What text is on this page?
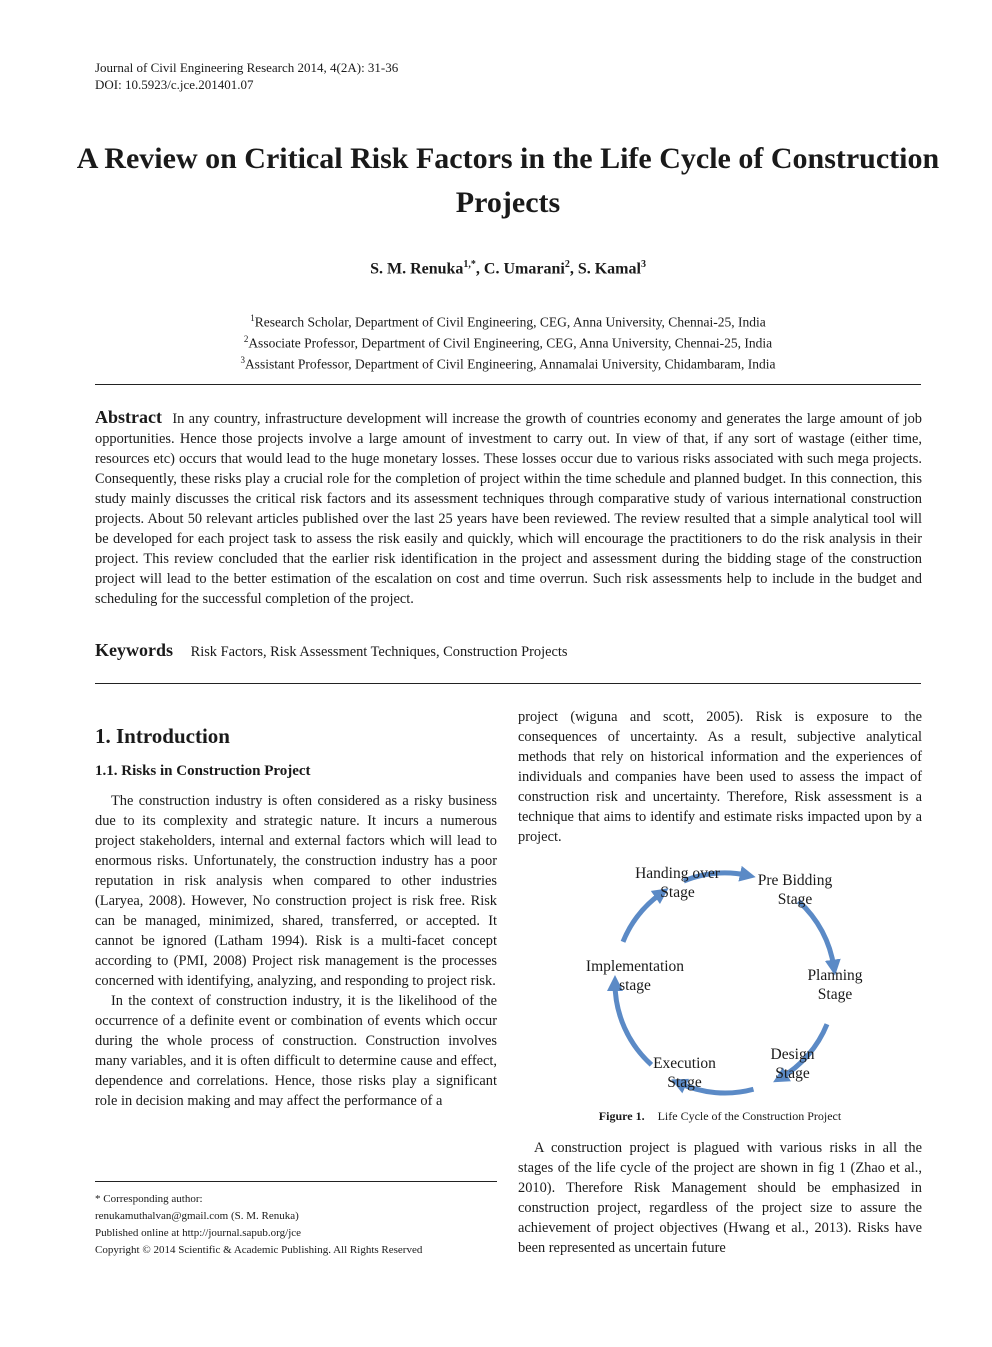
Journal of Civil Engineering Research 2014, 4(2A): 31-36
DOI: 10.5923/c.jce.201401.07
A Review on Critical Risk Factors in the Life Cycle of Construction Projects
S. M. Renuka$^{1,*}$, C. Umarani$^2$, S. Kamal$^3$
$^1$Research Scholar, Department of Civil Engineering, CEG, Anna University, Chennai-25, India
$^2$Associate Professor, Department of Civil Engineering, CEG, Anna University, Chennai-25, India
$^3$Assistant Professor, Department of Civil Engineering, Annamalai University, Chidambaram, India
Abstract In any country, infrastructure development will increase the growth of countries economy and generates the large amount of job opportunities. Hence those projects involve a large amount of investment to carry out. In view of that, if any sort of wastage (either time, resources etc) occurs that would lead to the huge monetary losses. These losses occur due to various risks associated with such mega projects. Consequently, these risks play a crucial role for the completion of project within the time schedule and planned budget. In this connection, this study mainly discusses the critical risk factors and its assessment techniques through comparative study of various international construction projects. About 50 relevant articles published over the last 25 years have been reviewed. The review resulted that a simple analytical tool will be developed for each project task to assess the risk easily and quickly, which will encourage the practitioners to do the risk analysis in their project. This review concluded that the earlier risk identification in the project and assessment during the bidding stage of the construction project will lead to the better estimation of the escalation on cost and time overrun. Such risk assessments help to include in the budget and scheduling for the successful completion of the project.
Keywords Risk Factors, Risk Assessment Techniques, Construction Projects
1. Introduction
1.1. Risks in Construction Project

The construction industry is often considered as a risky business due to its complexity and strategic nature. It incurs a numerous project stakeholders, internal and external factors which will lead to enormous risks. Unfortunately, the construction industry has a poor reputation in risk analysis when compared to other industries (Laryea, 2008). However, No construction project is risk free. Risk can be managed, minimized, shared, transferred, or accepted. It cannot be ignored (Latham 1994). Risk is a multi-facet concept according to (PMI, 2008) Project risk management is the processes concerned with identifying, analyzing, and responding to project risk.

In the context of construction industry, it is the likelihood of the occurrence of a definite event or combination of events which occur during the whole process of construction. Construction involves many variables, and it is often difficult to determine cause and effect, dependence and correlations. Hence, those risks play a significant role in decision making and may affect the performance of a

project (wiguna and scott, 2005). Risk is exposure to the consequences of uncertainty. As a result, subjective analytical methods that rely on historical information and the experiences of individuals and companies have been used to assess the impact of construction risk and uncertainty. Therefore, Risk assessment is a technique that aims to identify and estimate risks impacted upon by a project.

Pre Bidding
Stage
Planning
Stage
Design
Stage
Execution
Stage
Implementation
stage
Handing over
Stage
Figure 1. Life Cycle of the Construction Project

A construction project is plagued with various risks in all the stages of the life cycle of the project are shown in fig 1 (Zhao et al., 2010). Therefore Risk Management should be emphasized in construction project, regardless of the project size to assure the achievement of project objectives (Hwang et al., 2013). Risks have been represented as uncertain future

* Corresponding author:
renukamuthalvan@gmail.com (S. M. Renuka)
Published online at http://journal.sapub.org/jce
Copyright © 2014 Scientific & Academic Publishing. All Rights Reserved
